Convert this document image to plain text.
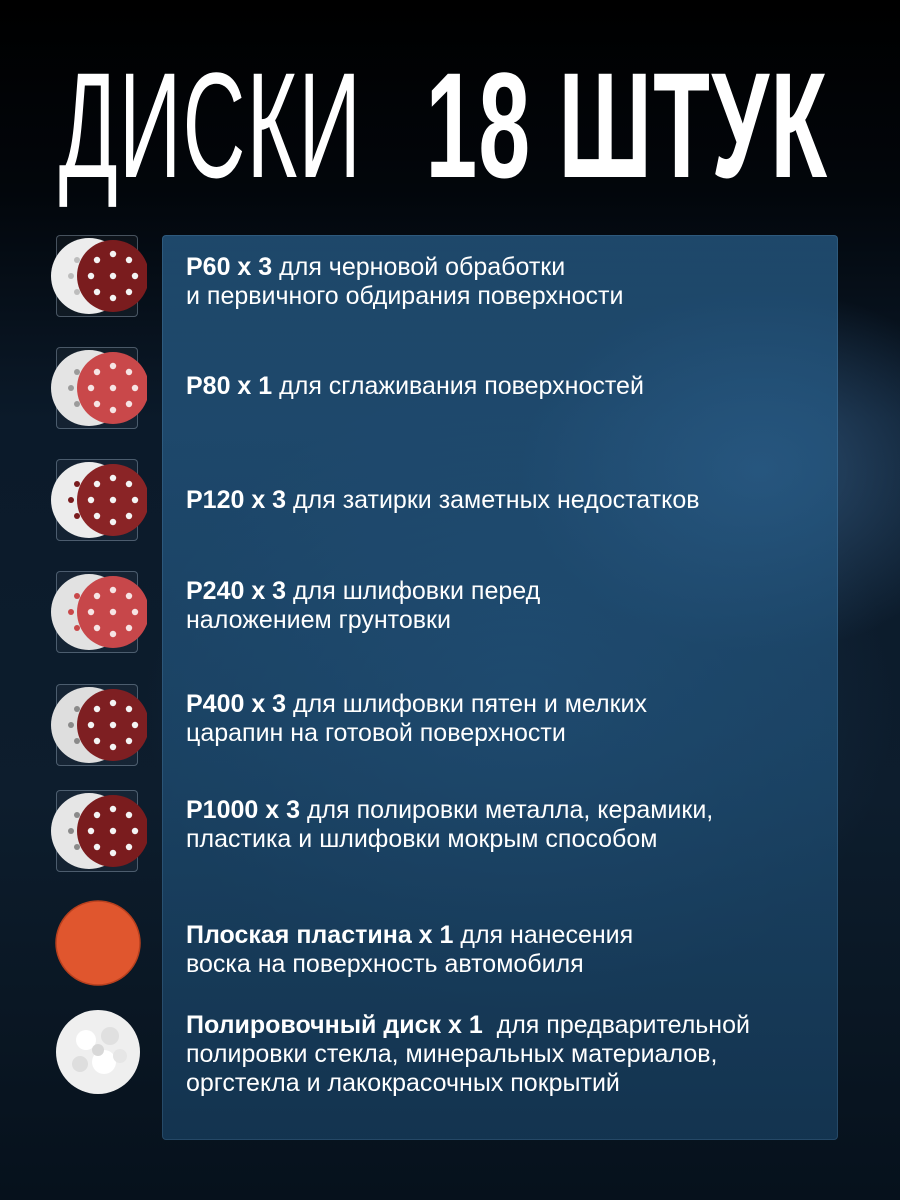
ДИСКИ 18 ШТУК
P60 х 3 для черновой обработки
и первичного обдирания поверхности
P80 х 1 для сглаживания поверхностей
P120 х 3 для затирки заметных недостатков
P240 х 3 для шлифовки перед
наложением грунтовки
P400 х 3 для шлифовки пятен и мелких
царапин на готовой поверхности
P1000 х 3 для полировки металла, керамики,
пластика и шлифовки мокрым способом
Плоская пластина х 1 для нанесения
воска на поверхность автомобиля
Полировочный диск х 1  для предварительной
полировки стекла, минеральных материалов,
оргстекла и лакокрасочных покрытий
